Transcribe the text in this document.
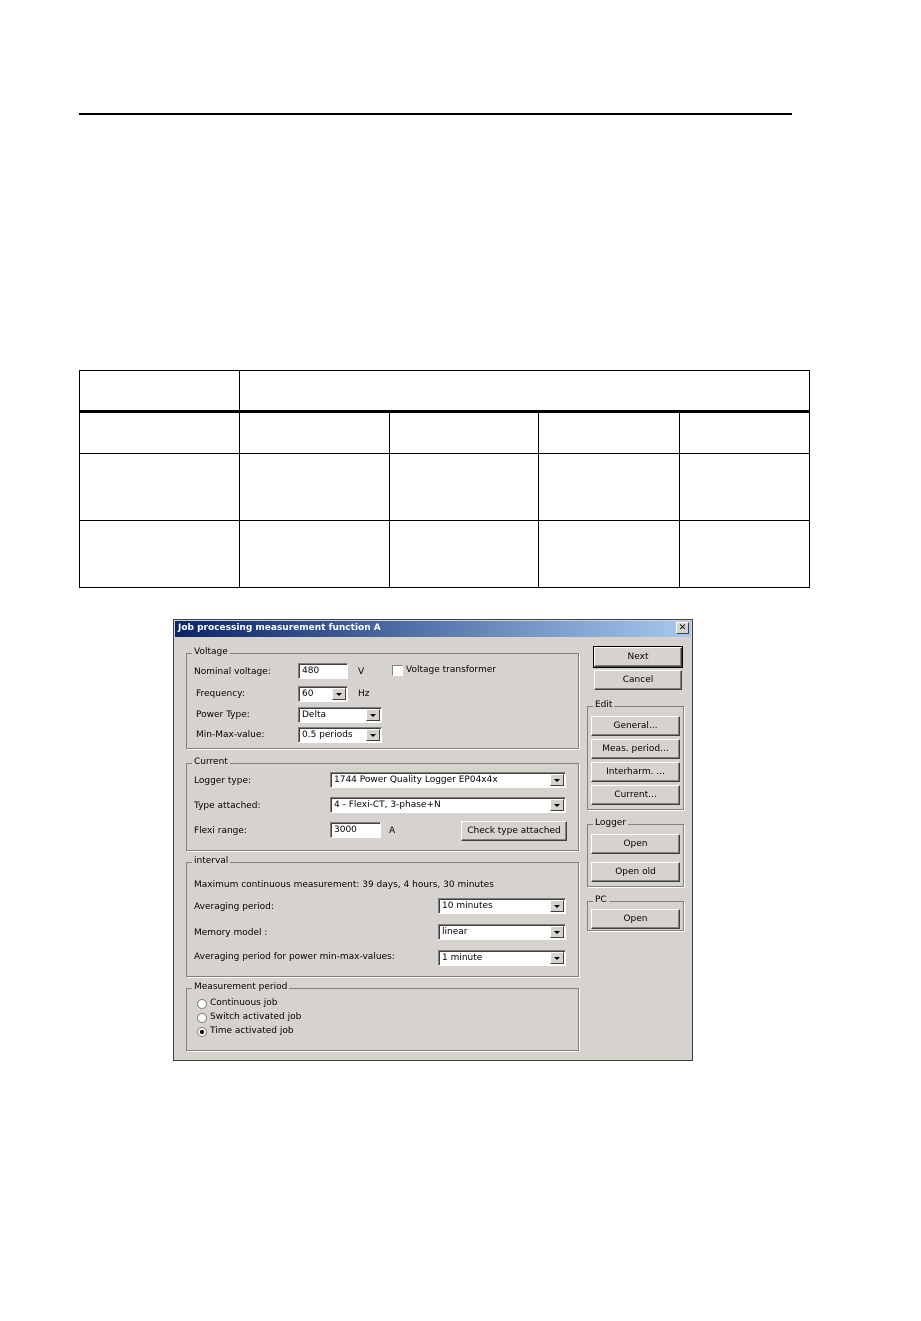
Job processing measurement function A	✕
Voltage
Nominal voltage:	480	V	Voltage transformer
Frequency:	60	Hz
Power Type:	Delta
Min-Max-value:	0.5 periods
Current
Logger type:	1744 Power Quality Logger EP04x4x
Type attached:	4 - Flexi-CT, 3-phase+N
Flexi range:	3000	A	Check type attached
interval
Maximum continuous measurement: 39 days, 4 hours, 30 minutes
Averaging period:	10 minutes
Memory model :	linear
Averaging period for power min-max-values:	1 minute
Measurement period
Continuous job
Switch activated job
Time activated job
Next
Cancel
Edit
General...
Meas. period...
Interharm. ...
Current...
Logger
Open
Open old
PC
Open
